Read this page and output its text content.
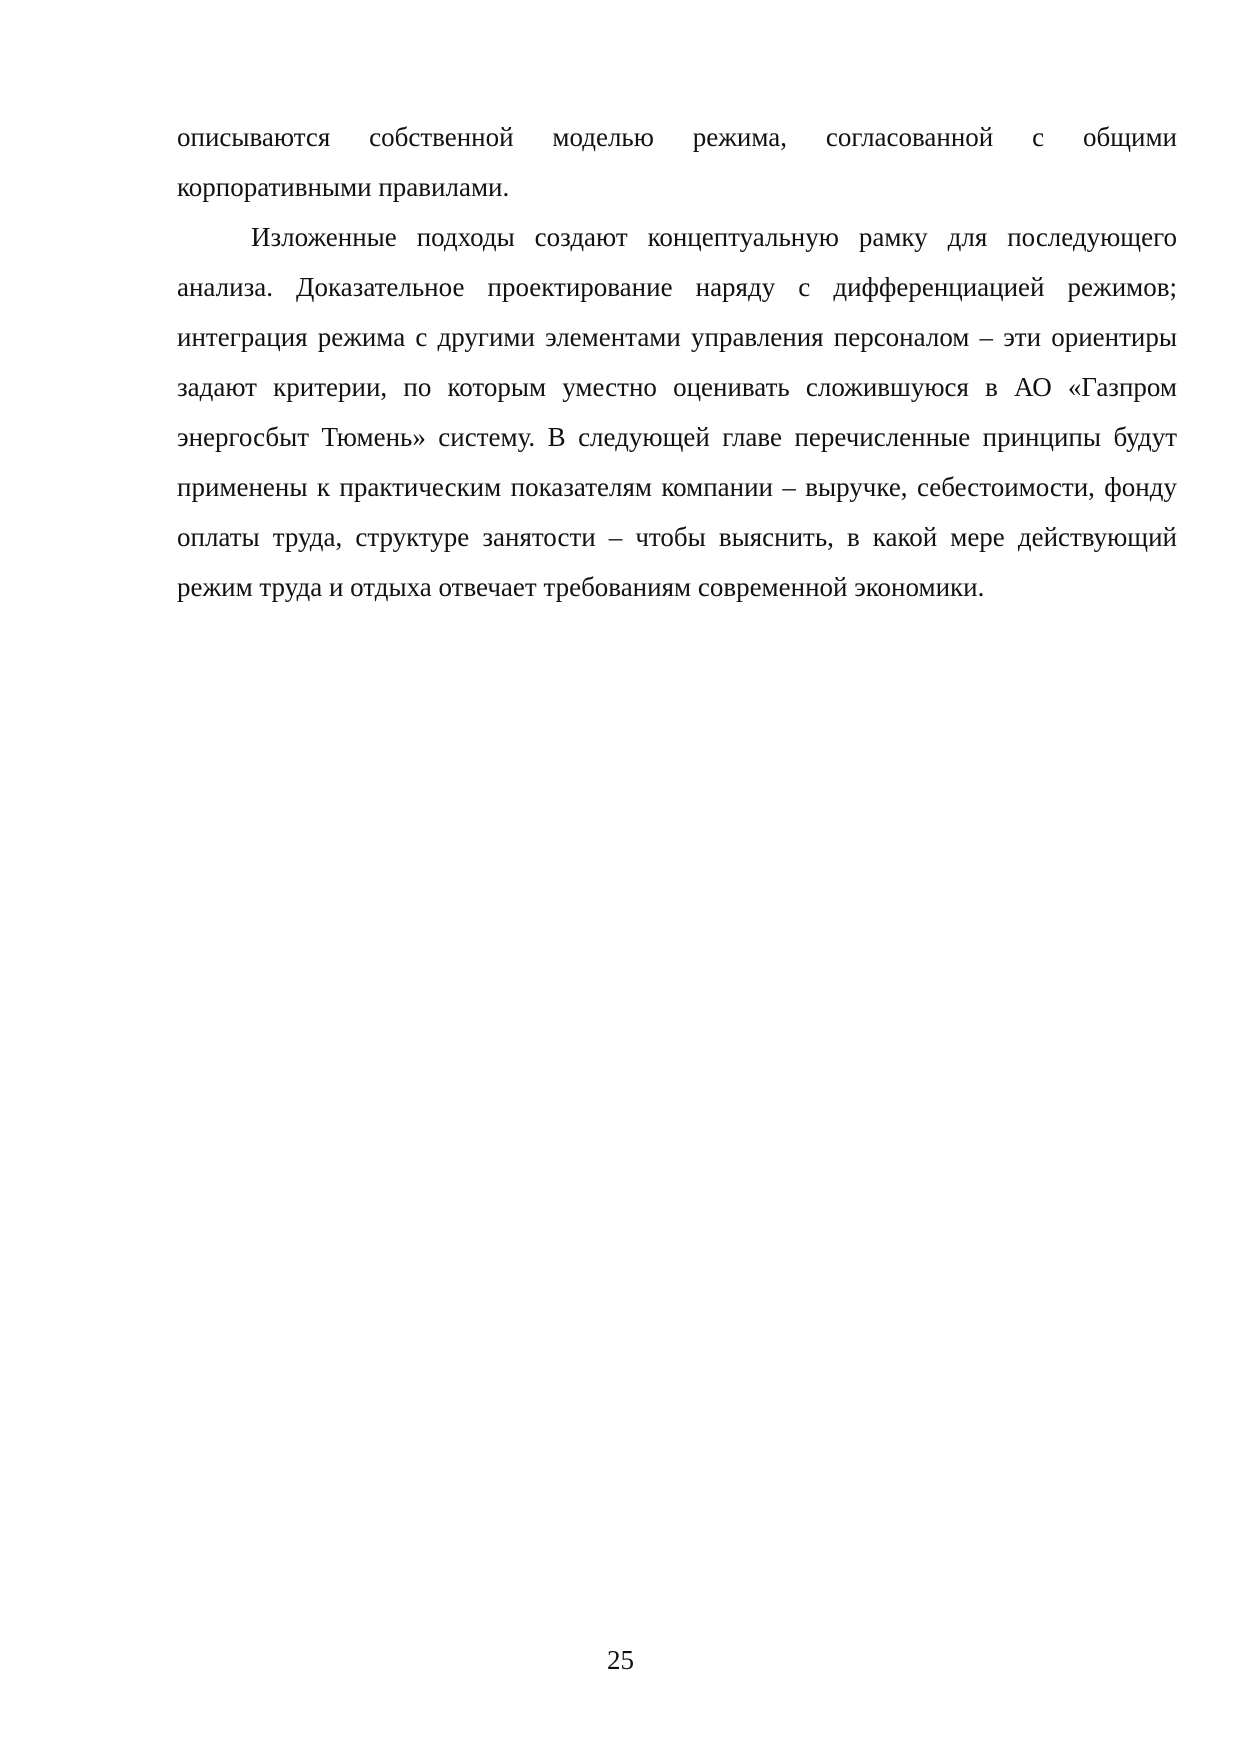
описываются собственной моделью режима, согласованной с общими корпоративными правилами.

Изложенные подходы создают концептуальную рамку для последующего анализа. Доказательное проектирование наряду с дифференциацией режимов; интеграция режима с другими элементами управления персоналом – эти ориентиры задают критерии, по которым уместно оценивать сложившуюся в АО «Газпром энергосбыт Тюмень» систему. В следующей главе перечисленные принципы будут применены к практическим показателям компании – выручке, себестоимости, фонду оплаты труда, структуре занятости – чтобы выяснить, в какой мере действующий режим труда и отдыха отвечает требованиям современной экономики.

25
